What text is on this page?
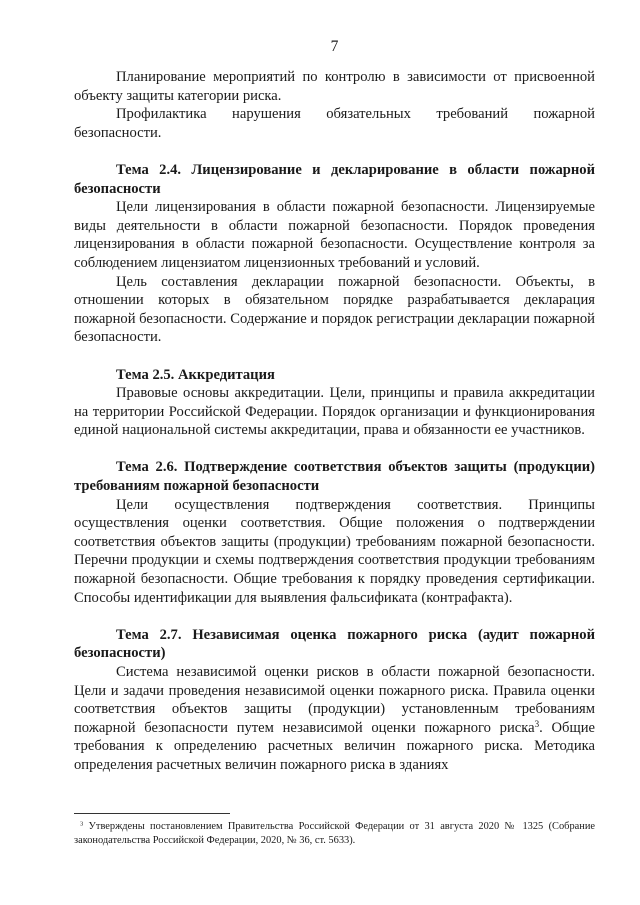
7

Планирование мероприятий по контролю в зависимости от присвоенной объекту защиты категории риска.

Профилактика нарушения обязательных требований пожарной безопасности.

Тема 2.4. Лицензирование и декларирование в области пожарной безопасности

Цели лицензирования в области пожарной безопасности. Лицензируемые виды деятельности в области пожарной безопасности. Порядок проведения лицензирования в области пожарной безопасности. Осуществление контроля за соблюдением лицензиатом лицензионных требований и условий.

Цель составления декларации пожарной безопасности. Объекты, в отношении которых в обязательном порядке разрабатывается декларация пожарной безопасности. Содержание и порядок регистрации декларации пожарной безопасности.

Тема 2.5. Аккредитация

Правовые основы аккредитации. Цели, принципы и правила аккредитации на территории Российской Федерации. Порядок организации и функционирования единой национальной системы аккредитации, права и обязанности ее участников.

Тема 2.6. Подтверждение соответствия объектов защиты (продукции) требованиям пожарной безопасности

Цели осуществления подтверждения соответствия. Принципы осуществления оценки соответствия. Общие положения о подтверждении соответствия объектов защиты (продукции) требованиям пожарной безопасности. Перечни продукции и схемы подтверждения соответствия продукции требованиям пожарной безопасности. Общие требования к порядку проведения сертификации. Способы идентификации для выявления фальсификата (контрафакта).

Тема 2.7. Независимая оценка пожарного риска (аудит пожарной безопасности)

Система независимой оценки рисков в области пожарной безопасности. Цели и задачи проведения независимой оценки пожарного риска. Правила оценки соответствия объектов защиты (продукции) установленным требованиям пожарной безопасности путем независимой оценки пожарного риска$^3$. Общие требования к определению расчетных величин пожарного риска. Методика определения расчетных величин пожарного риска в зданиях

$^3$ Утверждены постановлением Правительства Российской Федерации от 31 августа 2020 № 1325 (Собрание законодательства Российской Федерации, 2020, № 36, ст. 5633).
